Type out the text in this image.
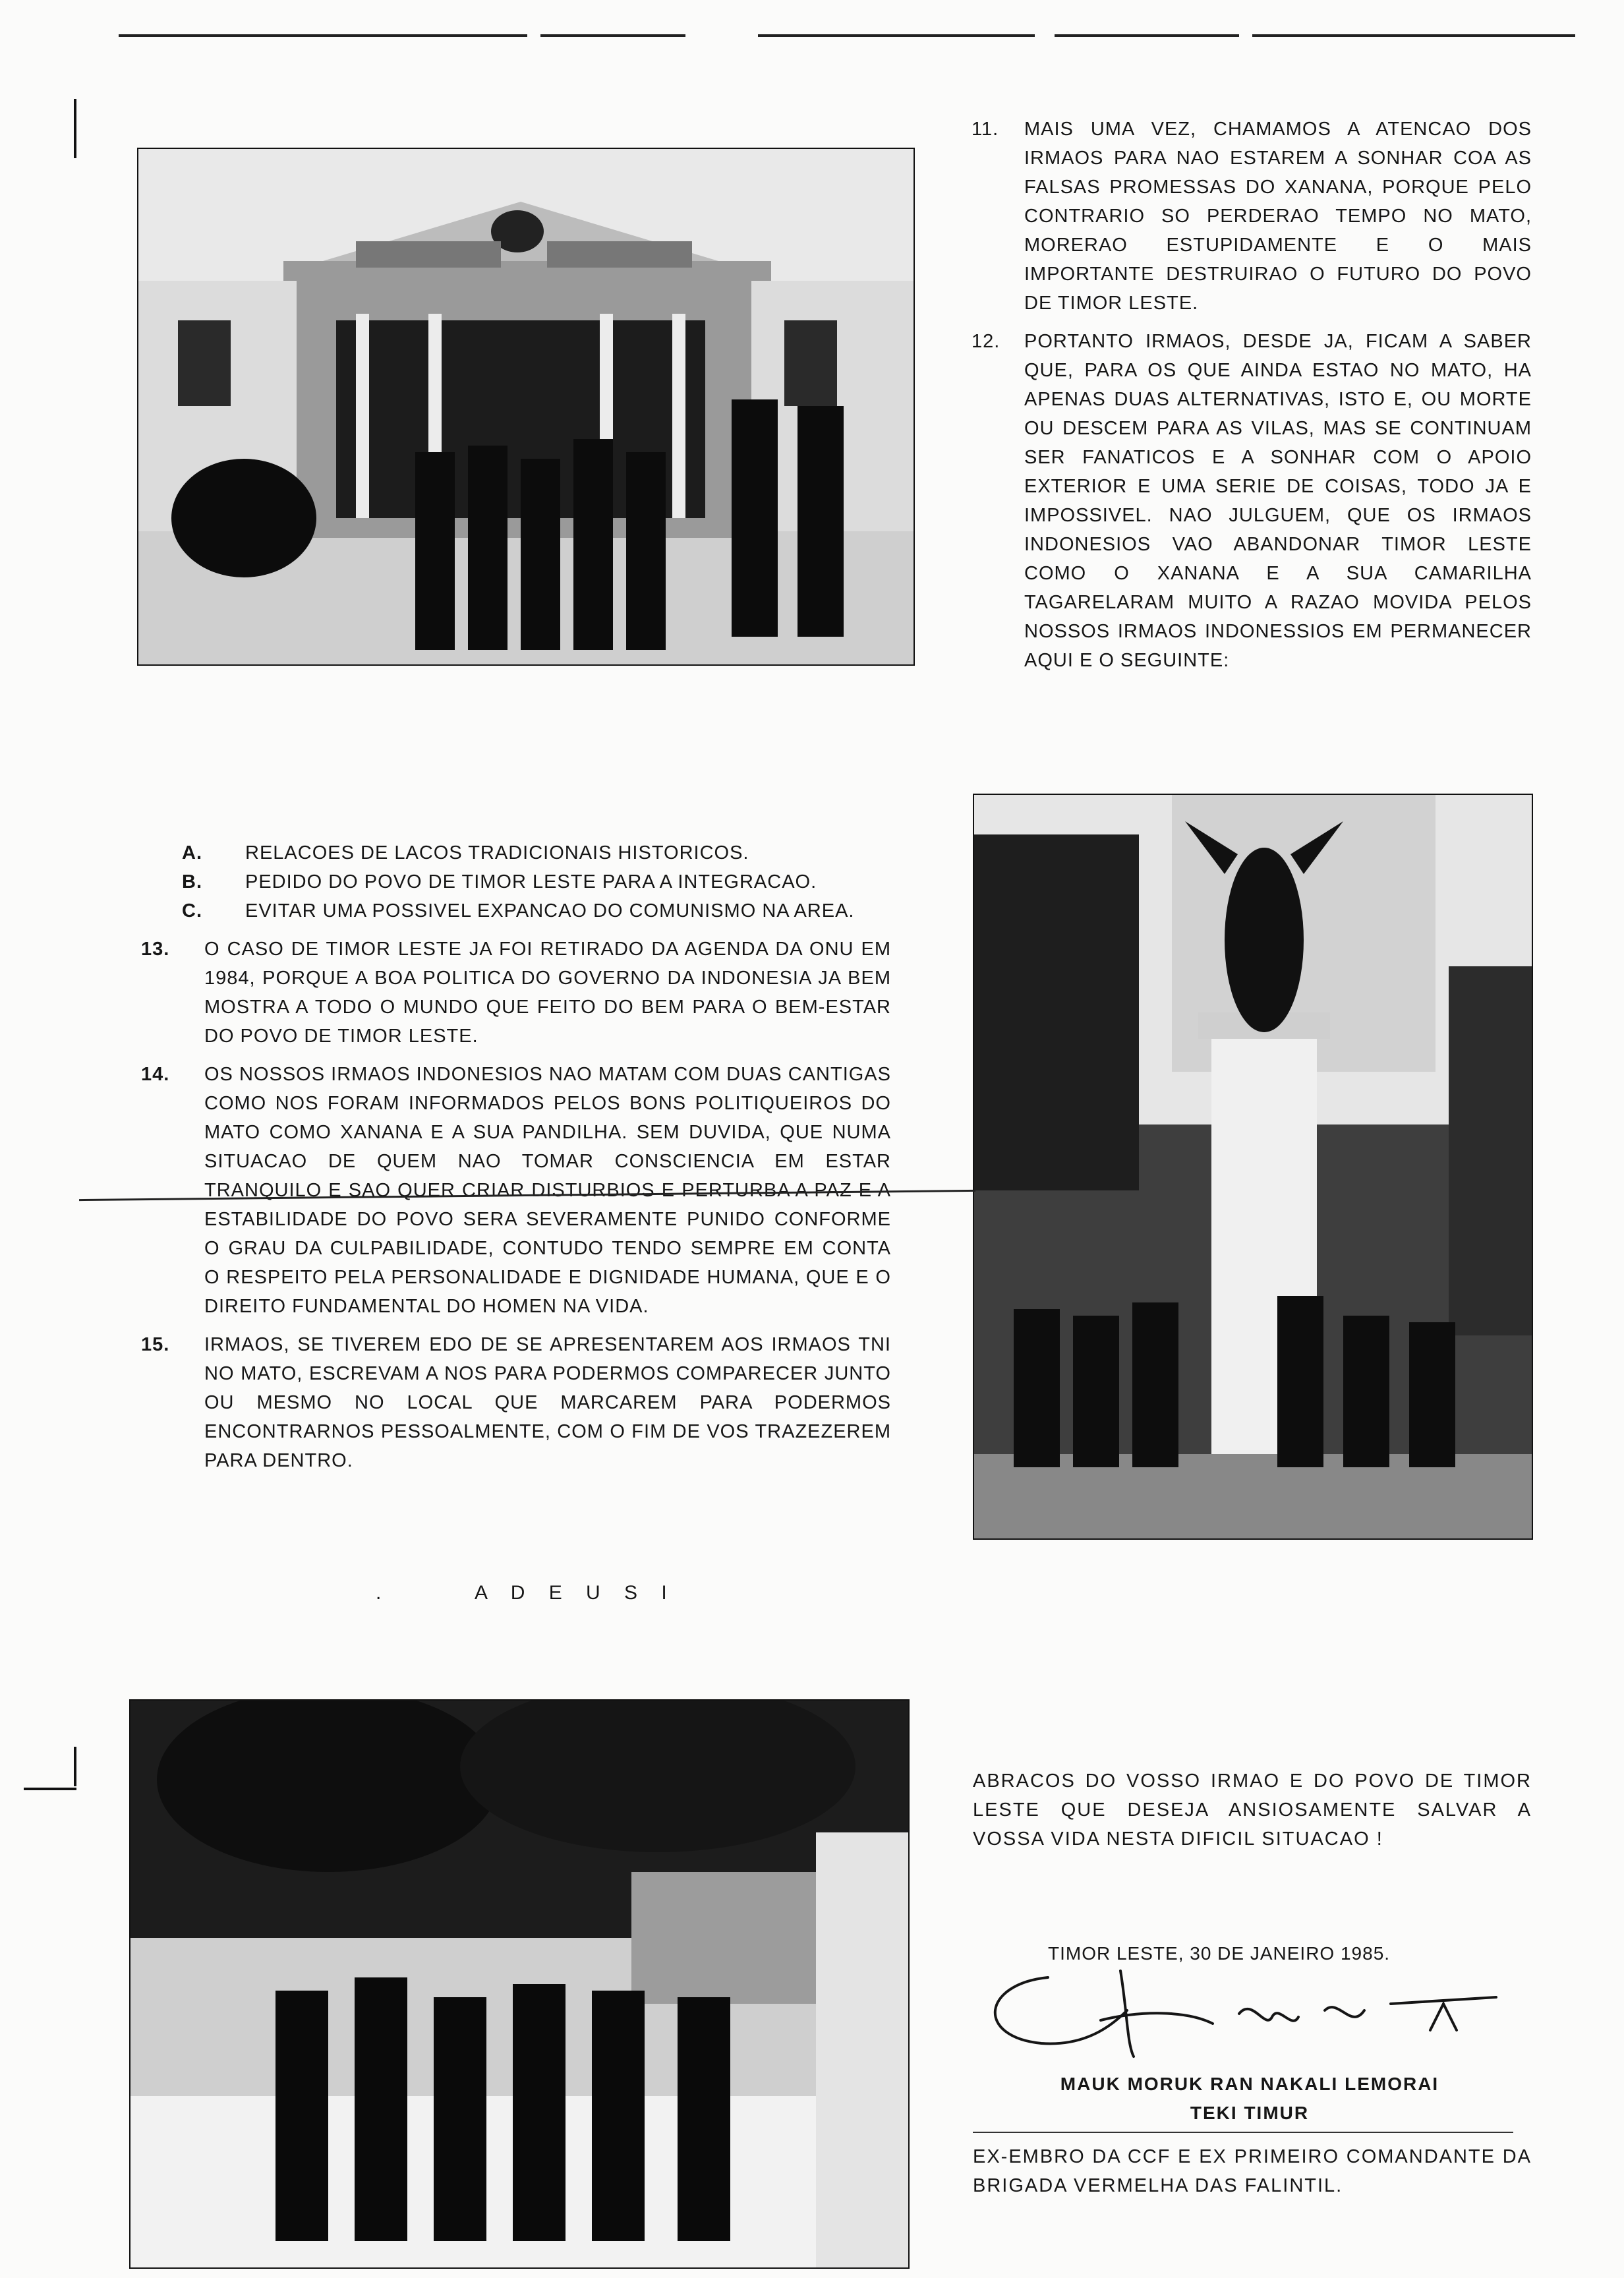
11. MAIS UMA VEZ, CHAMAMOS A ATENCAO DOS IRMAOS PARA NAO ESTAREM A SONHAR COA AS FALSAS PROMESSAS DO XANANA, PORQUE PELO CONTRARIO SO PERDERAO TEMPO NO MATO, MORERAO ESTUPIDAMENTE E O MAIS IMPORTANTE DESTRUIRAO O FUTURO DO POVO DE TIMOR LESTE.
12. PORTANTO IRMAOS, DESDE JA, FICAM A SABER QUE, PARA OS QUE AINDA ESTAO NO MATO, HA APENAS DUAS ALTERNATIVAS, ISTO E, OU MORTE OU DESCEM PARA AS VILAS, MAS SE CONTINUAM SER FANATICOS E A SONHAR COM O APOIO EXTERIOR E UMA SERIE DE COISAS, TODO JA E IMPOSSIVEL. NAO JULGUEM, QUE OS IRMAOS INDONESIOS VAO ABANDONAR TIMOR LESTE COMO O XANANA E A SUA CAMARILHA TAGARELARAM MUITO A RAZAO MOVIDA PELOS NOSSOS IRMAOS INDONESSIOS EM PERMANECER AQUI E O SEGUINTE:
A. RELACOES DE LACOS TRADICIONAIS HISTORICOS.
B. PEDIDO DO POVO DE TIMOR LESTE PARA A INTEGRACAO.
C. EVITAR UMA POSSIVEL EXPANCAO DO COMUNISMO NA AREA.
13. O CASO DE TIMOR LESTE JA FOI RETIRADO DA AGENDA DA ONU EM 1984, PORQUE A BOA POLITICA DO GOVERNO DA INDONESIA JA BEM MOSTRA A TODO O MUNDO QUE FEITO DO BEM PARA O BEM-ESTAR DO POVO DE TIMOR LESTE.
14. OS NOSSOS IRMAOS INDONESIOS NAO MATAM COM DUAS CANTIGAS COMO NOS FORAM INFORMADOS PELOS BONS POLITIQUEIROS DO MATO COMO XANANA E A SUA PANDILHA. SEM DUVIDA, QUE NUMA SITUACAO DE QUEM NAO TOMAR CONSCIENCIA EM ESTAR TRANQUILO E SAO QUER CRIAR DISTURBIOS E PERTURBA A PAZ E A ESTABILIDADE DO POVO SERA SEVERAMENTE PUNIDO CONFORME O GRAU DA CULPABILIDADE, CONTUDO TENDO SEMPRE EM CONTA O RESPEITO PELA PERSONALIDADE E DIGNIDADE HUMANA, QUE E O DIREITO FUNDAMENTAL DO HOMEN NA VIDA.
15. IRMAOS, SE TIVEREM EDO DE SE APRESENTAREM AOS IRMAOS TNI NO MATO, ESCREVAM A NOS PARA PODERMOS COMPARECER JUNTO OU MESMO NO LOCAL QUE MARCAREM PARA PODERMOS ENCONTRARNOS PESSOALMENTE, COM O FIM DE VOS TRAZEZEREM PARA DENTRO.
.	A D E U S I
ABRACOS DO VOSSO IRMAO E DO POVO DE TIMOR LESTE QUE DESEJA ANSIOSAMENTE SALVAR A VOSSA VIDA NESTA DIFICIL SITUACAO !
TIMOR LESTE, 30 DE JANEIRO 1985.
MAUK MORUK RAN NAKALI LEMORAI
TEKI TIMUR
EX-EMBRO DA CCF E EX PRIMEIRO COMANDANTE DA BRIGADA VERMELHA DAS FALINTIL.
